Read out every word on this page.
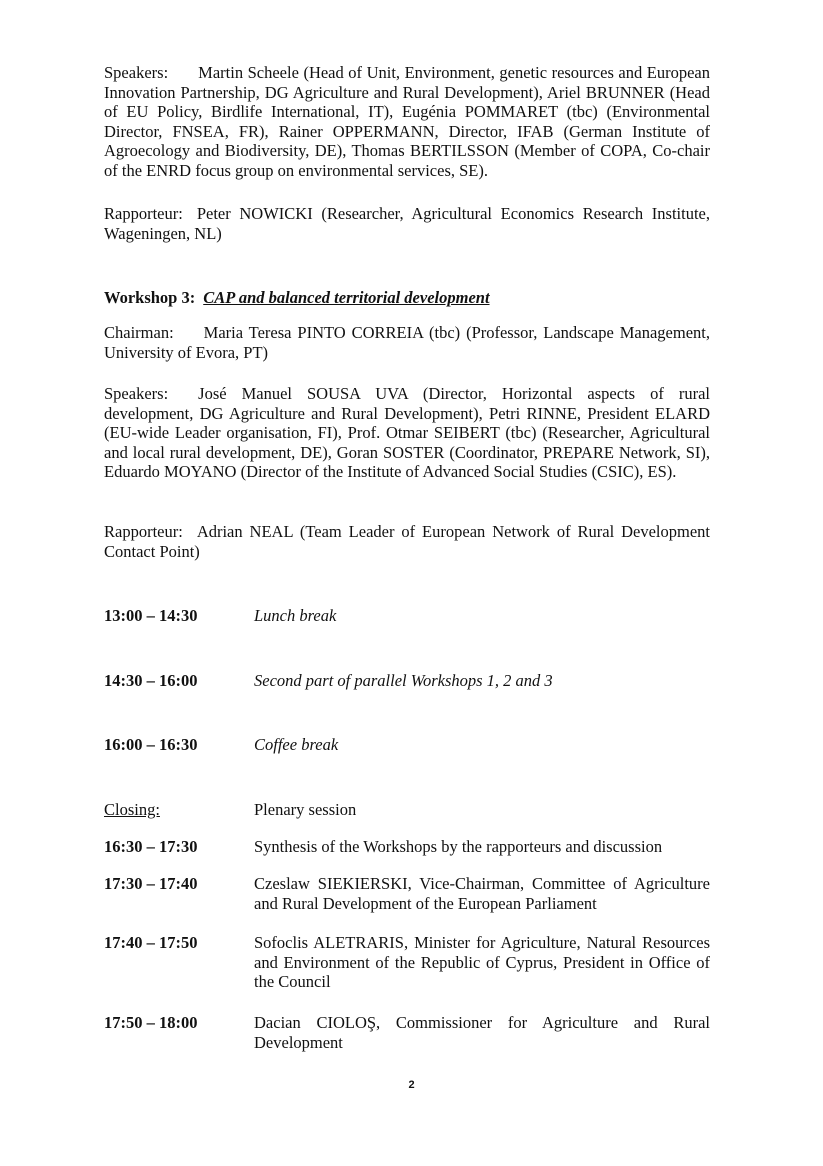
Speakers: Martin Scheele (Head of Unit, Environment, genetic resources and European Innovation Partnership, DG Agriculture and Rural Development), Ariel BRUNNER (Head of EU Policy, Birdlife International, IT), Eugénia POMMARET (tbc) (Environmental Director, FNSEA, FR), Rainer OPPERMANN, Director, IFAB (German Institute of Agroecology and Biodiversity, DE), Thomas BERTILSSON (Member of COPA, Co-chair of the ENRD focus group on environmental services, SE).

Rapporteur: Peter NOWICKI (Researcher, Agricultural Economics Research Institute, Wageningen, NL)

Workshop 3: CAP and balanced territorial development

Chairman: Maria Teresa PINTO CORREIA (tbc) (Professor, Landscape Management, University of Evora, PT)

Speakers: José Manuel SOUSA UVA (Director, Horizontal aspects of rural development, DG Agriculture and Rural Development), Petri RINNE, President ELARD (EU-wide Leader organisation, FI), Prof. Otmar SEIBERT (tbc) (Researcher, Agricultural and local rural development, DE), Goran SOSTER (Coordinator, PREPARE Network, SI), Eduardo MOYANO (Director of the Institute of Advanced Social Studies (CSIC), ES).

Rapporteur: Adrian NEAL (Team Leader of European Network of Rural Development Contact Point)

13:00 – 14:30	Lunch break
14:30 – 16:00	Second part of parallel Workshops 1, 2 and 3
16:00 – 16:30	Coffee break
Closing:	Plenary session
16:30 – 17:30	Synthesis of the Workshops by the rapporteurs and discussion
17:30 – 17:40	Czeslaw SIEKIERSKI, Vice-Chairman, Committee of Agriculture and Rural Development of the European Parliament
17:40 – 17:50	Sofoclis ALETRARIS, Minister for Agriculture, Natural Resources and Environment of the Republic of Cyprus, President in Office of the Council
17:50 – 18:00	Dacian CIOLOŞ, Commissioner for Agriculture and Rural Development
2
